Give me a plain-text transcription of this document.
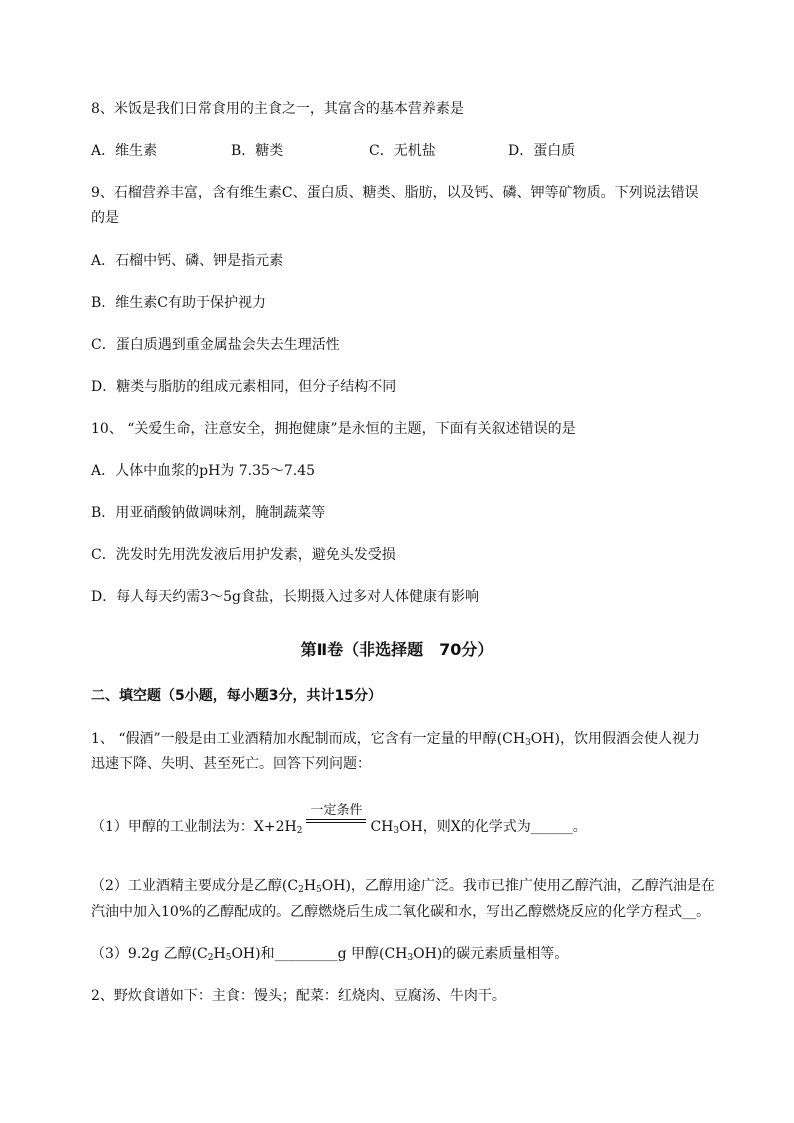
8、米饭是我们日常食用的主食之一，其富含的基本营养素是
A．维生素	B．糖类	C．无机盐	D．蛋白质
9、石榴营养丰富，含有维生素C、蛋白质、糖类、脂肪，以及钙、磷、钾等矿物质。下列说法错误
的是
A．石榴中钙、磷、钾是指元素
B．维生素C有助于保护视力
C．蛋白质遇到重金属盐会失去生理活性
D．糖类与脂肪的组成元素相同，但分子结构不同
10、 “关爱生命，注意安全，拥抱健康”是永恒的主题，下面有关叙述错误的是
A．人体中血浆的pH为 7.35～7.45
B．用亚硝酸钠做调味剂，腌制蔬菜等
C．洗发时先用洗发液后用护发素，避免头发受损
D．每人每天约需3～5g食盐，长期摄入过多对人体健康有影响
第Ⅱ卷（非选择题　70分）
二、填空题（5小题，每小题3分，共计15分）
1、 “假酒”一般是由工业酒精加水配制而成，它含有一定量的甲醇$(CH_3OH)$，饮用假酒会使人视力
迅速下降、失明、甚至死亡。回答下列问题：
（1）甲醇的工业制法为：$X+2H_2$
一定条件
$CH_3OH$，则X的化学式为______。
（2）工业酒精主要成分是乙醇$(C_2H_5OH)$，乙醇用途广泛。我市已推广使用乙醇汽油，乙醇汽油是在
汽油中加入10%的乙醇配成的。乙醇燃烧后生成二氧化碳和水，写出乙醇燃烧反应的化学方程式__。
（3）9.2g 乙醇$(C_2H_5OH)$和_________g 甲醇$(CH_3OH)$的碳元素质量相等。
2、野炊食谱如下：主食：馒头；配菜：红烧肉、豆腐汤、牛肉干。
